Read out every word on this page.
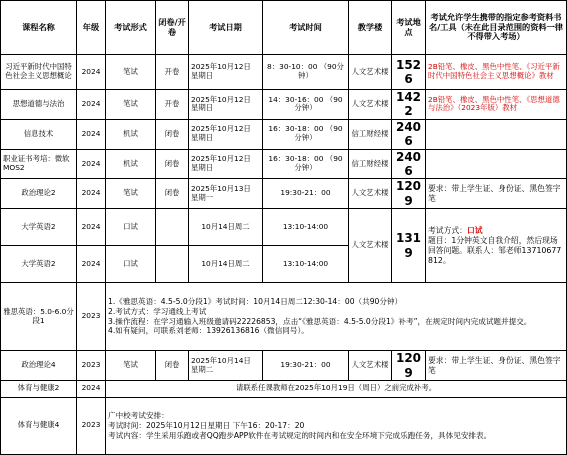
课程名称	年级	考试形式	闭卷/开卷	考试日期	考试时间	教学楼	考试地点	考试允许学生携带的指定参考资料书名/工具（未在此目录范围的资料一律不得带入考场）
习近平新时代中国特色社会主义思想概论	2024	笔试	开卷	2025年10月12日 星期日	8：30-10：00 （90分钟）	人文艺术楼	1526	2B铅笔、橡皮、黑色中性笔、《习近平新时代中国特色社会主义思想概论》教材
思想道德与法治	2024	笔试	开卷	2025年10月12日 星期日	14：30-16：00 （90分钟）	人文艺术楼	1422	2B铅笔、橡皮、黑色中性笔、《思想道德与法治》（2023年版）教材
信息技术	2024	机试	闭卷	2025年10月12日 星期日	16：30-18：00 （90分钟）	信工财经楼	2406	
职业证书考培：微软MOS2	2024	机试	闭卷	2025年10月12日 星期日	16：30-18：00 （90分钟）	信工财经楼	2406	
政治理论2	2024	笔试	闭卷	2025年10月13日 星期一	19:30-21：00	人文艺术楼	1209	要求：带上学生证、身份证、黑色签字笔
大学英语2	2024	口试		10月14日周二	13:10-14:00	人文艺术楼	1319	考试方式：口试
题目：1分钟英文自我介绍，然后现场回答问题。联系人：邹老师13710677812。
大学英语2	2024	口试		10月14日周二	13:10-14:00			
雅思英语：5.0-6.0分段1	2023	1.《雅思英语：4.5-5.0分段1》考试时间：10月14日周二12:30-14：00（共90分钟）
2.考试方式：学习通线上考试
3.操作流程：在学习通输入班级邀请码22226853，点击“《雅思英语：4.5-5.0分段1》补考”，在规定时间内完成试题并提交。
4.如有疑问，可联系刘老师：13926136816（微信同号）。						

政治理论4	2023	笔试	闭卷	2025年10月14日 星期二	19:30-21：00	人文艺术楼	1209	要求：带上学生证、身份证、黑色签字笔
体育与健康2	2024	请联系任课教师在2025年10月19日（周日）之前完成补考。						
体育与健康4	2023	广中校考试安排：
考试时间：2025年10月12日星期日 下午16：20-17：20
考试内容：学生采用乐跑或者QQ跑步APP软件在考试规定的时间内和在安全环境下完成乐跑任务，具体见安排表。						
